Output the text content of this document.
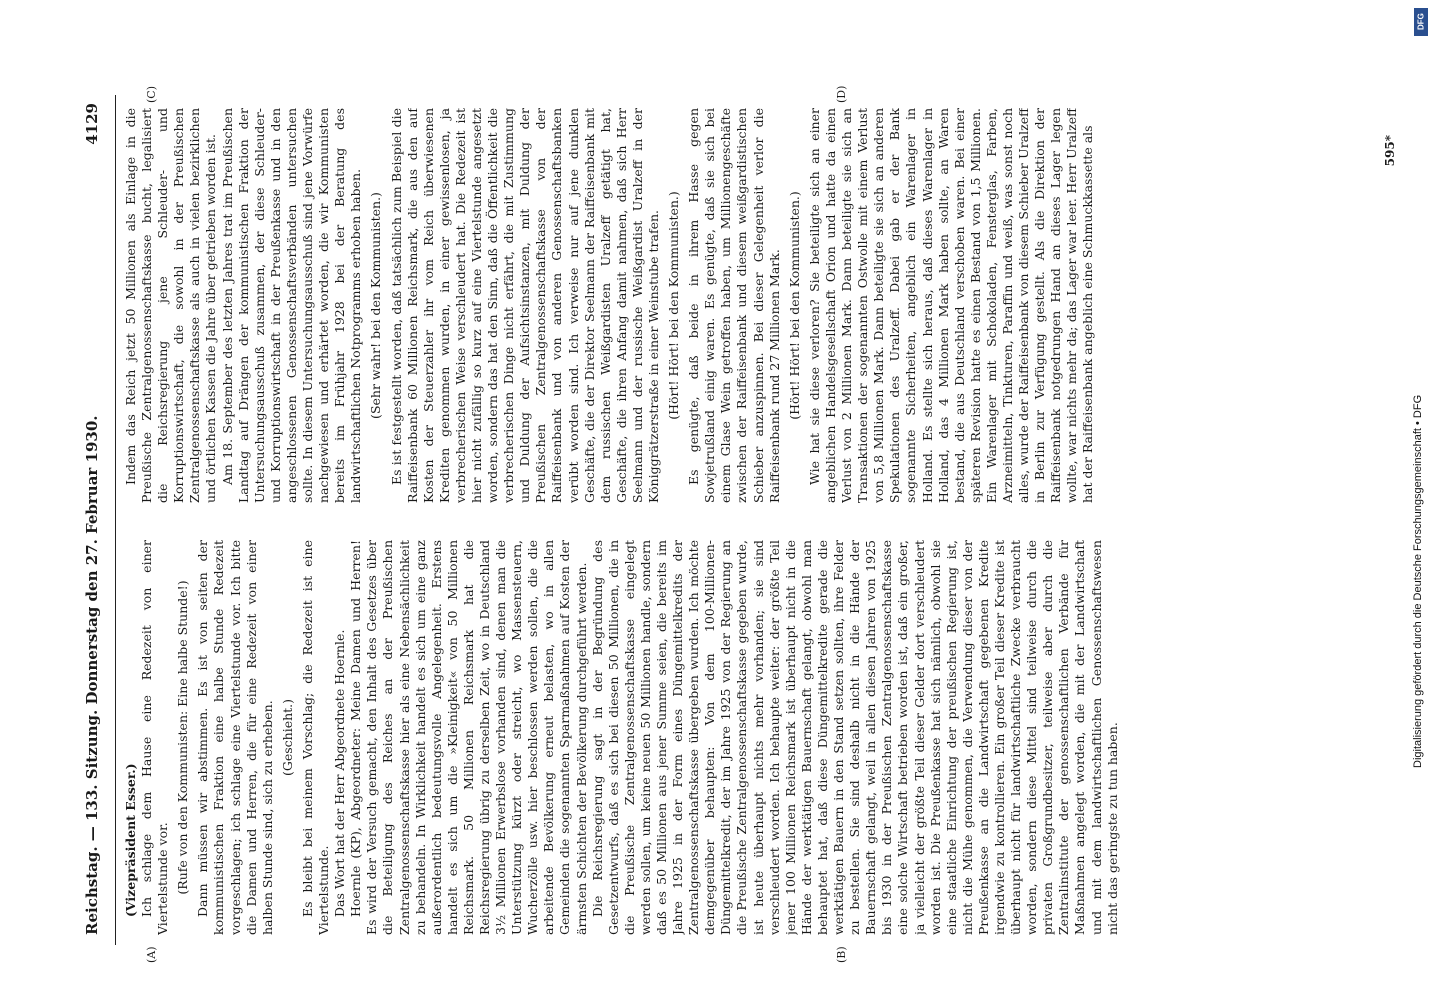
Reichstag. — 133. Sitzung. Donnerstag den 27. Februar 1930.
4129
(A)	(B)
(C)	(D)

(Vizepräsident Esser.) Ich schlage dem Hause eine Redezeit von einer Viertelstunde vor. (Rufe von den Kommunisten: Eine halbe Stunde!) Dann müssen wir abstimmen. Es ist von seiten der kommunistischen Fraktion eine halbe Stunde Redezeit vorgeschlagen; ich schlage eine Viertelstunde vor. Ich bitte die Damen und Herren, die für eine Redezeit von einer halben Stunde sind, sich zu erheben. (Geschieht.) Es bleibt bei meinem Vorschlag; die Redezeit ist eine Viertelstunde. Das Wort hat der Herr Abgeordnete Hoernle. Hoernle (KP), Abgeordneter: Meine Damen und Herren! Es wird der Versuch gemacht, den Inhalt des Gesetzes über die Beteiligung des Reiches an der Preußischen Zentralgenossenschaftskasse hier als eine Nebensächlichkeit zu behandeln. In Wirklichkeit handelt es sich um eine ganz außerordentlich bedeutungsvolle Angelegenheit. Erstens handelt es sich um die »Kleinigkeit« von 50 Millionen Reichsmark. 50 Millionen Reichsmark hat die Reichsregierung übrig zu derselben Zeit, wo in Deutschland 3½ Millionen Erwerbslose vorhanden sind, denen man die Unterstützung kürzt oder streicht, wo Massensteuern, Wucherzölle usw. hier beschlossen werden sollen, die die arbeitende Bevölkerung erneut belasten, wo in allen Gemeinden die sogenannten Sparmaßnahmen auf Kosten der ärmsten Schichten der Bevölkerung durchgeführt werden. Die Reichsregierung sagt in der Begründung des Gesetzentwurfs, daß es sich bei diesen 50 Millionen, die in die Preußische Zentralgenossenschaftskasse eingelegt werden sollen, um keine neuen 50 Millionen handle, sondern daß es 50 Millionen aus jener Summe seien, die bereits im Jahre 1925 in der Form eines Düngemittelkredits der Zentralgenossenschaftskasse übergeben wurden. Ich möchte demgegenüber behaupten: Von dem 100-Millionen-Düngemittelkredit, der im Jahre 1925 von der Regierung an die Preußische Zentralgenossenschaftskasse gegeben wurde, ist heute überhaupt nichts mehr vorhanden; sie sind verschleudert worden. Ich behaupte weiter: der größte Teil jener 100 Millionen Reichsmark ist überhaupt nicht in die Hände der werktätigen Bauernschaft gelangt, obwohl man behauptet hat, daß diese Düngemittelkredite gerade die werktätigen Bauern in den Stand setzen sollten, ihre Felder zu bestellen. Sie sind deshalb nicht in die Hände der Bauernschaft gelangt, weil in allen diesen Jahren von 1925 bis 1930 in der Preußischen Zentralgenossenschaftskasse eine solche Wirtschaft betrieben worden ist, daß ein großer, ja vielleicht der größte Teil dieser Gelder dort verschleudert worden ist. Die Preußenkasse hat sich nämlich, obwohl sie eine staatliche Einrichtung der preußischen Regierung ist, nicht die Mühe genommen, die Verwendung dieser von der Preußenkasse an die Landwirtschaft gegebenen Kredite irgendwie zu kontrollieren. Ein großer Teil dieser Kredite ist überhaupt nicht für landwirtschaftliche Zwecke verbraucht worden, sondern diese Mittel sind teilweise durch die privaten Großgrundbesitzer, teilweise aber durch die Zentralinstitute der genossenschaftlichen Verbände für Maßnahmen angelegt worden, die mit der Landwirtschaft und mit dem landwirtschaftlichen Genossenschaftswesen nicht das geringste zu tun haben.

Indem das Reich jetzt 50 Millionen als Einlage in die Preußische Zentralgenossenschaftskasse bucht, legalisiert die Reichsregierung jene Schleuder- und Korruptionswirtschaft, die sowohl in der Preußischen Zentralgenossenschaftskasse als auch in vielen bezirklichen und örtlichen Kassen die Jahre über getrieben worden ist. Am 18. September des letzten Jahres trat im Preußischen Landtag auf Drängen der kommunistischen Fraktion der Untersuchungsausschuß zusammen, der diese Schleuder- und Korruptionswirtschaft in der Preußenkasse und in den angeschlossenen Genossenschaftsverbänden untersuchen sollte. In diesem Untersuchungsausschuß sind jene Vorwürfe nachgewiesen und erhärtet worden, die wir Kommunisten bereits im Frühjahr 1928 bei der Beratung des landwirtschaftlichen Notprogramms erhoben haben. (Sehr wahr! bei den Kommunisten.) Es ist festgestellt worden, daß tatsächlich zum Beispiel die Raiffeisenbank 60 Millionen Reichsmark, die aus den auf Kosten der Steuerzahler ihr vom Reich überwiesenen Krediten genommen wurden, in einer gewissenlosen, ja verbrecherischen Weise verschleudert hat. Die Redezeit ist hier nicht zufällig so kurz auf eine Viertelstunde angesetzt worden, sondern das hat den Sinn, daß die Öffentlichkeit die verbrecherischen Dinge nicht erfährt, die mit Zustimmung und Duldung der Aufsichtsinstanzen, mit Duldung der Preußischen Zentralgenossenschaftskasse von der Raiffeisenbank und von anderen Genossenschaftsbanken verübt worden sind. Ich verweise nur auf jene dunklen Geschäfte, die der Direktor Seelmann der Raiffeisenbank mit dem russischen Weißgardisten Uralzeff getätigt hat, Geschäfte, die ihren Anfang damit nahmen, daß sich Herr Seelmann und der russische Weißgardist Uralzeff in der Königgrätzerstraße in einer Weinstube trafen. (Hört! Hört! bei den Kommunisten.) Es genügte, daß beide in ihrem Hasse gegen Sowjetrußland einig waren. Es genügte, daß sie sich bei einem Glase Wein getroffen haben, um Millionengeschäfte zwischen der Raiffeisenbank und diesem weißgardistischen Schieber anzuspinnen. Bei dieser Gelegenheit verlor die Raiffeisenbank rund 27 Millionen Mark. (Hört! Hört! bei den Kommunisten.) Wie hat sie diese verloren? Sie beteiligte sich an einer angeblichen Handelsgesellschaft Orion und hatte da einen Verlust von 2 Millionen Mark. Dann beteiligte sie sich an Transaktionen der sogenannten Ostwolle mit einem Verlust von 5,8 Millionen Mark. Dann beteiligte sie sich an anderen Spekulationen des Uralzeff. Dabei gab er der Bank sogenannte Sicherheiten, angeblich ein Warenlager in Holland. Es stellte sich heraus, daß dieses Warenlager in Holland, das 4 Millionen Mark haben sollte, an Waren bestand, die aus Deutschland verschoben waren. Bei einer späteren Revision hatte es einen Bestand von 1,5 Millionen. Ein Warenlager mit Schokoladen, Fensterglas, Farben, Arzneimitteln, Tinkturen, Paraffin und weiß, was sonst noch alles, wurde der Raiffeisenbank von diesem Schieber Uralzeff in Berlin zur Verfügung gestellt. Als die Direktion der Raiffeisenbank notgedrungen Hand an dieses Lager legen wollte, war nichts mehr da; das Lager war leer. Herr Uralzeff hat der Raiffeisenbank angeblich eine Schmuckkassette als	595*
Digitalisierung gefördert durch die Deutsche Forschungsgemeinschaft • DFG
DFG
